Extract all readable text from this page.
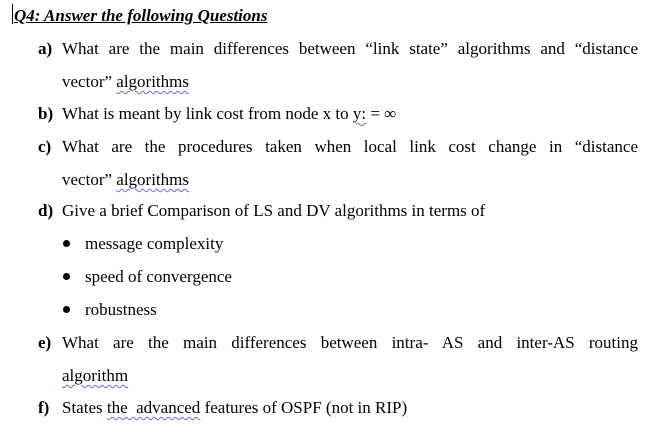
Q4: Answer the following Questions
a) What are the main differences between “link state” algorithms and “distance
vector” algorithms
b) What is meant by link cost from node x to y: = ∞
c) What are the procedures taken when local link cost change in “distance
vector” algorithms
d) Give a brief Comparison of LS and DV algorithms in terms of
message complexity
speed of convergence
robustness
e) What are the main differences between intra- AS and inter-AS routing
algorithm
f) States the  advanced features of OSPF (not in RIP)
